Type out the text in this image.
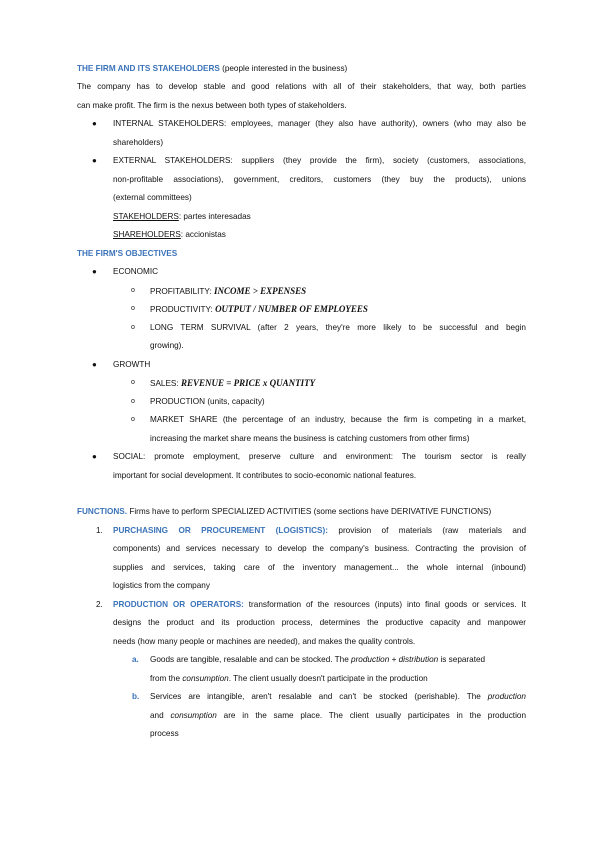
THE FIRM AND ITS STAKEHOLDERS (people interested in the business)
The company has to develop stable and good relations with all of their stakeholders, that way, both parties
can make profit. The firm is the nexus between both types of stakeholders.
● INTERNAL STAKEHOLDERS: employees, manager (they also have authority), owners (who may also be
shareholders)
● EXTERNAL STAKEHOLDERS: suppliers (they provide the firm), society (customers, associations,
non-profitable associations), government, creditors, customers (they buy the products), unions
(external committees)
STAKEHOLDERS: partes interesadas
SHAREHOLDERS: accionistas
THE FIRM'S OBJECTIVES
● ECONOMIC
o PROFITABILITY: INCOME > EXPENSES
o PRODUCTIVITY: OUTPUT / NUMBER OF EMPLOYEES
o LONG TERM SURVIVAL (after 2 years, they're more likely to be successful and begin
growing).
● GROWTH
o SALES: REVENUE = PRICE x QUANTITY
o PRODUCTION (units, capacity)
o MARKET SHARE (the percentage of an industry, because the firm is competing in a market,
increasing the market share means the business is catching customers from other firms)
● SOCIAL: promote employment, preserve culture and environment: The tourism sector is really
important for social development. It contributes to socio-economic national features.
FUNCTIONS. Firms have to perform SPECIALIZED ACTIVITIES (some sections have DERIVATIVE FUNCTIONS)
1. PURCHASING OR PROCUREMENT (LOGISTICS): provision of materials (raw materials and
components) and services necessary to develop the company's business. Contracting the provision of
supplies and services, taking care of the inventory management... the whole internal (inbound)
logistics from the company
2. PRODUCTION OR OPERATORS: transformation of the resources (inputs) into final goods or services. It
designs the product and its production process, determines the productive capacity and manpower
needs (how many people or machines are needed), and makes the quality controls.
a. Goods are tangible, resalable and can be stocked. The production + distribution is separated
from the consumption. The client usually doesn't participate in the production
b. Services are intangible, aren't resalable and can't be stocked (perishable). The production
and consumption are in the same place. The client usually participates in the production
process
